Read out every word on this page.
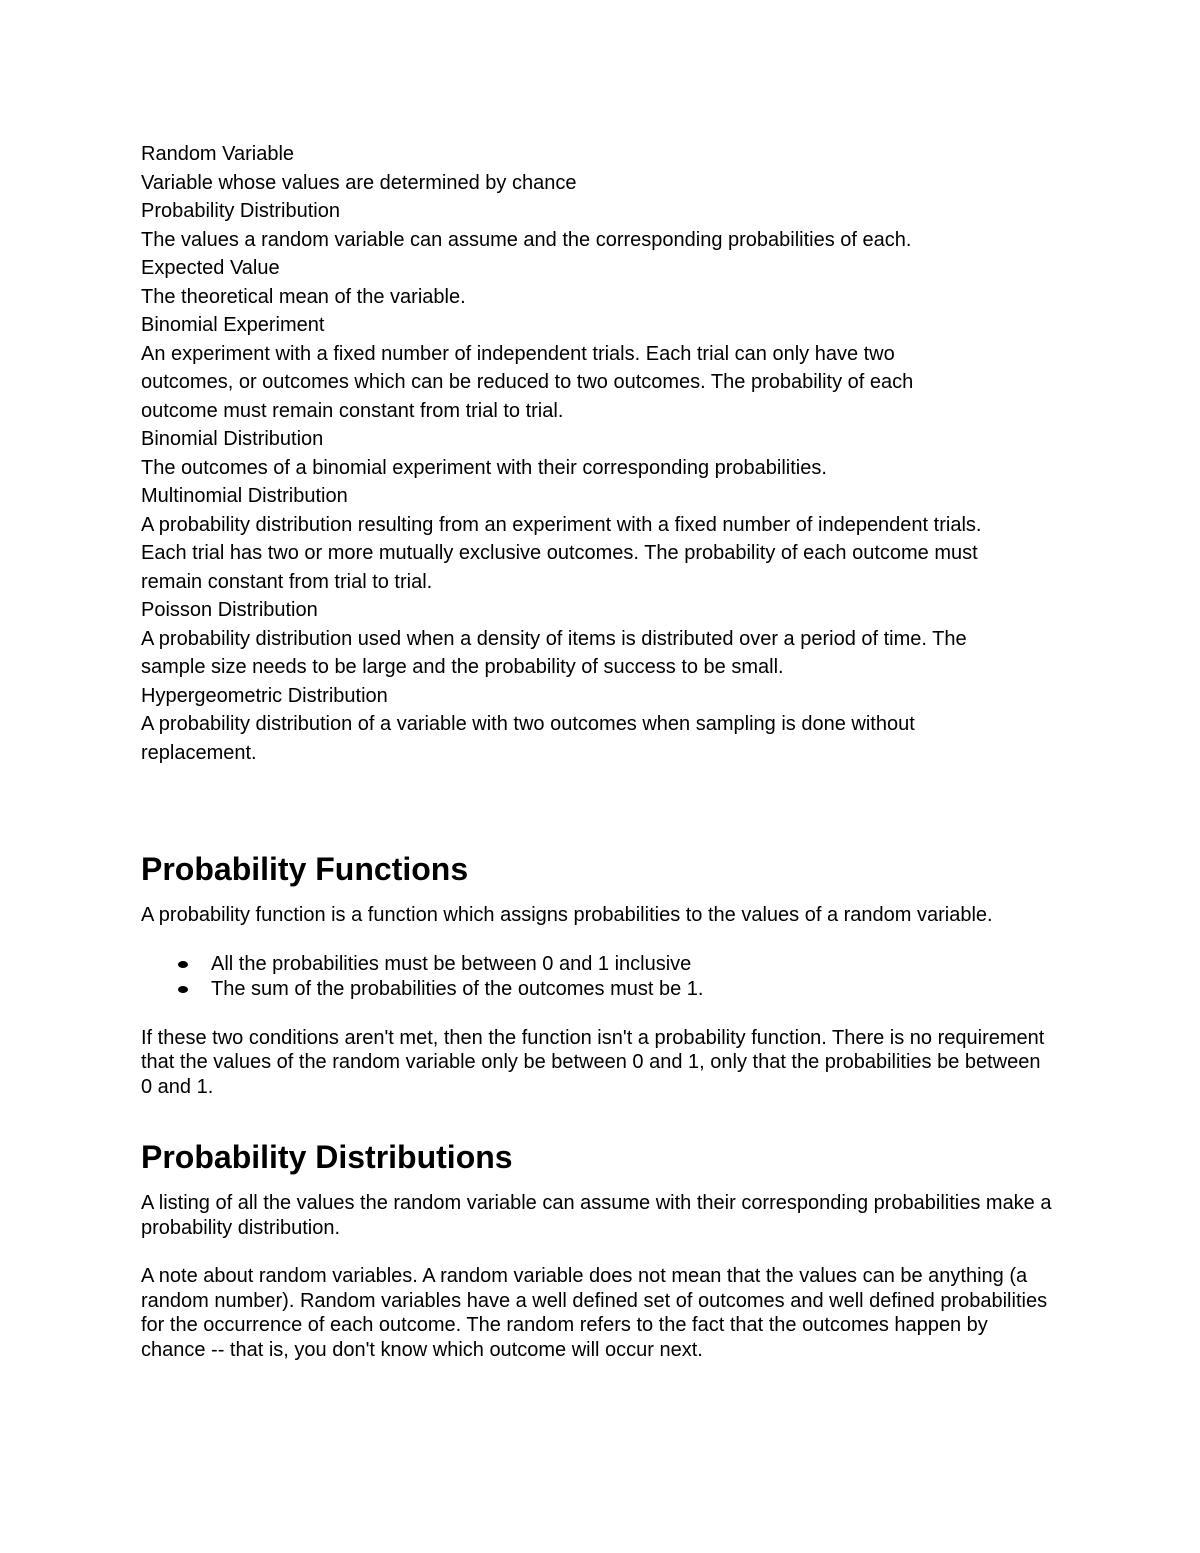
Random Variable
Variable whose values are determined by chance
Probability Distribution
The values a random variable can assume and the corresponding probabilities of each.
Expected Value
The theoretical mean of the variable.
Binomial Experiment
An experiment with a fixed number of independent trials. Each trial can only have two
outcomes, or outcomes which can be reduced to two outcomes. The probability of each
outcome must remain constant from trial to trial.
Binomial Distribution
The outcomes of a binomial experiment with their corresponding probabilities.
Multinomial Distribution
A probability distribution resulting from an experiment with a fixed number of independent trials.
Each trial has two or more mutually exclusive outcomes. The probability of each outcome must
remain constant from trial to trial.
Poisson Distribution
A probability distribution used when a density of items is distributed over a period of time. The
sample size needs to be large and the probability of success to be small.
Hypergeometric Distribution
A probability distribution of a variable with two outcomes when sampling is done without
replacement.
Probability Functions

A probability function is a function which assigns probabilities to the values of a random variable.

All the probabilities must be between 0 and 1 inclusive
The sum of the probabilities of the outcomes must be 1.

If these two conditions aren't met, then the function isn't a probability function. There is no requirement that the values of the random variable only be between 0 and 1, only that the probabilities be between 0 and 1.

Probability Distributions

A listing of all the values the random variable can assume with their corresponding probabilities make a probability distribution.

A note about random variables. A random variable does not mean that the values can be anything (a random number). Random variables have a well defined set of outcomes and well defined probabilities for the occurrence of each outcome. The random refers to the fact that the outcomes happen by chance -- that is, you don't know which outcome will occur next.
